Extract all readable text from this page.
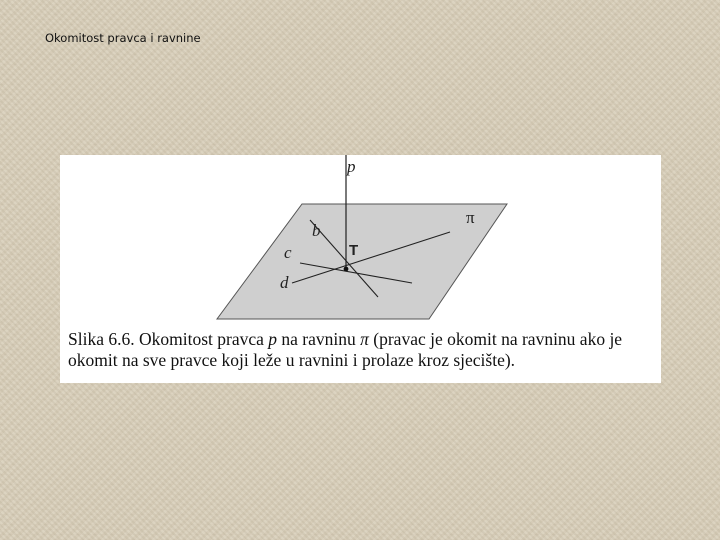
Okomitost pravca i ravnine
p
b
c
d
T
π

Slika 6.6. Okomitost pravca p na ravninu π (pravac je okomit na ravninu ako je
okomit na sve pravce koji leže u ravnini i prolaze kroz sjecište).
